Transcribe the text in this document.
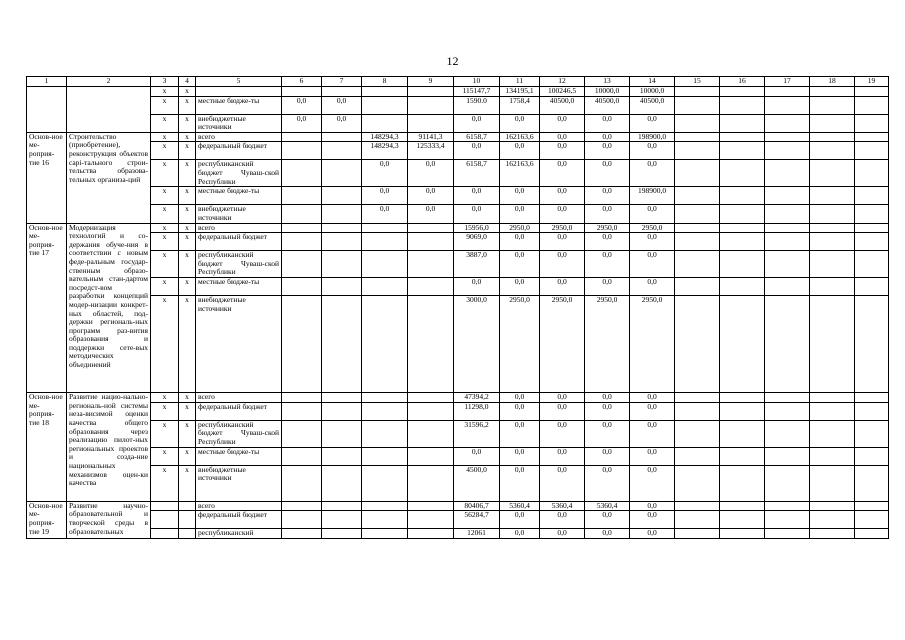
12
1	2	3	4	5	6	7	8	9	10	11	12	13	14	15	16	17	18	19
		x	x						115147,7	134195,1	100246,5	10000,0	10000,0					
		x	x	местные бюдже-ты	0,0	0,0			1590.0	1758,4	40500,0	40500,0	40500,0					
		x	x	внебюджетные источники	0,0	0,0			0,0	0,0	0,0	0,0	0,0					
Основ-ное ме-роприя-тие 16	Строительство (приобретение), реконструкция объектов capi-тального строи-тельства образова-тельных организа-ций	x	x	всего			148294,3	91141,3	6158,7	162163,6	0,0	0,0	198900,0					
		x	x	федеральный бюджет			148294,3	125333,4	0,0	0,0	0,0	0,0	0,0					
		x	x	республиканский бюджет Чуваш-ской Республики			0,0	0,0	6158,7	162163,6	0,0	0,0	0,0					
		x	x	местные бюдже-ты			0,0	0,0	0,0	0,0	0,0	0,0	198900,0					
		x	x	внебюджетные источники			0,0	0,0	0,0	0,0	0,0	0,0	0,0					
Основ-ное ме-роприя-тие 17	Модернизация технологий и со-держания обуче-ния в соответствии с новым феде-ральным государ-ственным образо-вательным стан-дартом посредст-вом разработки концепций модер-низации конкрет-ных областей, под-держки региональ-ных программ раз-вития образования и поддержки сете-вых методических объединений	x	x	всего					15956,0	2950,0	2950,0	2950,0	2950,0					
		x	x	федеральный бюджет					9069,0	0,0	0,0	0,0	0,0					
		x	x	республиканский бюджет Чуваш-ской Республики					3887,0	0,0	0,0	0,0	0,0					
		x	x	местные бюдже-ты					0,0	0,0	0,0	0,0	0,0					
		x	x	внебюджетные источники					3000,0	2950,0	2950,0	2950,0	2950,0					
Основ-ное ме-роприя-тие 18	Развитие нацио-нально-региональ-ной системы неза-висимой оценки качества общего образования через реализацию пилот-ных региональных проектов и созда-ние национальных механизмов оцен-ки качества	x	x	всего					47394,2	0,0	0,0	0,0	0,0					
		x	x	федеральный бюджет					11298,0	0,0	0,0	0,0	0,0					
		x	x	республиканский бюджет Чуваш-ской Республики					31596,2	0,0	0,0	0,0	0,0					
		x	x	местные бюдже-ты					0,0	0,0	0,0	0,0	0,0					
		x	x	внебюджетные источники					4500,0	0,0	0,0	0,0	0,0					
Основ-ное ме-роприя-тие 19	Развитие научно-образовательной и творческой среды в образовательных			всего					80406,7	5360,4	5360,4	5360,4	0,0					
				федеральный бюджет					56284,7	0,0	0,0	0,0	0,0					
				республиканский					12061	0,0	0,0	0,0	0,0					
